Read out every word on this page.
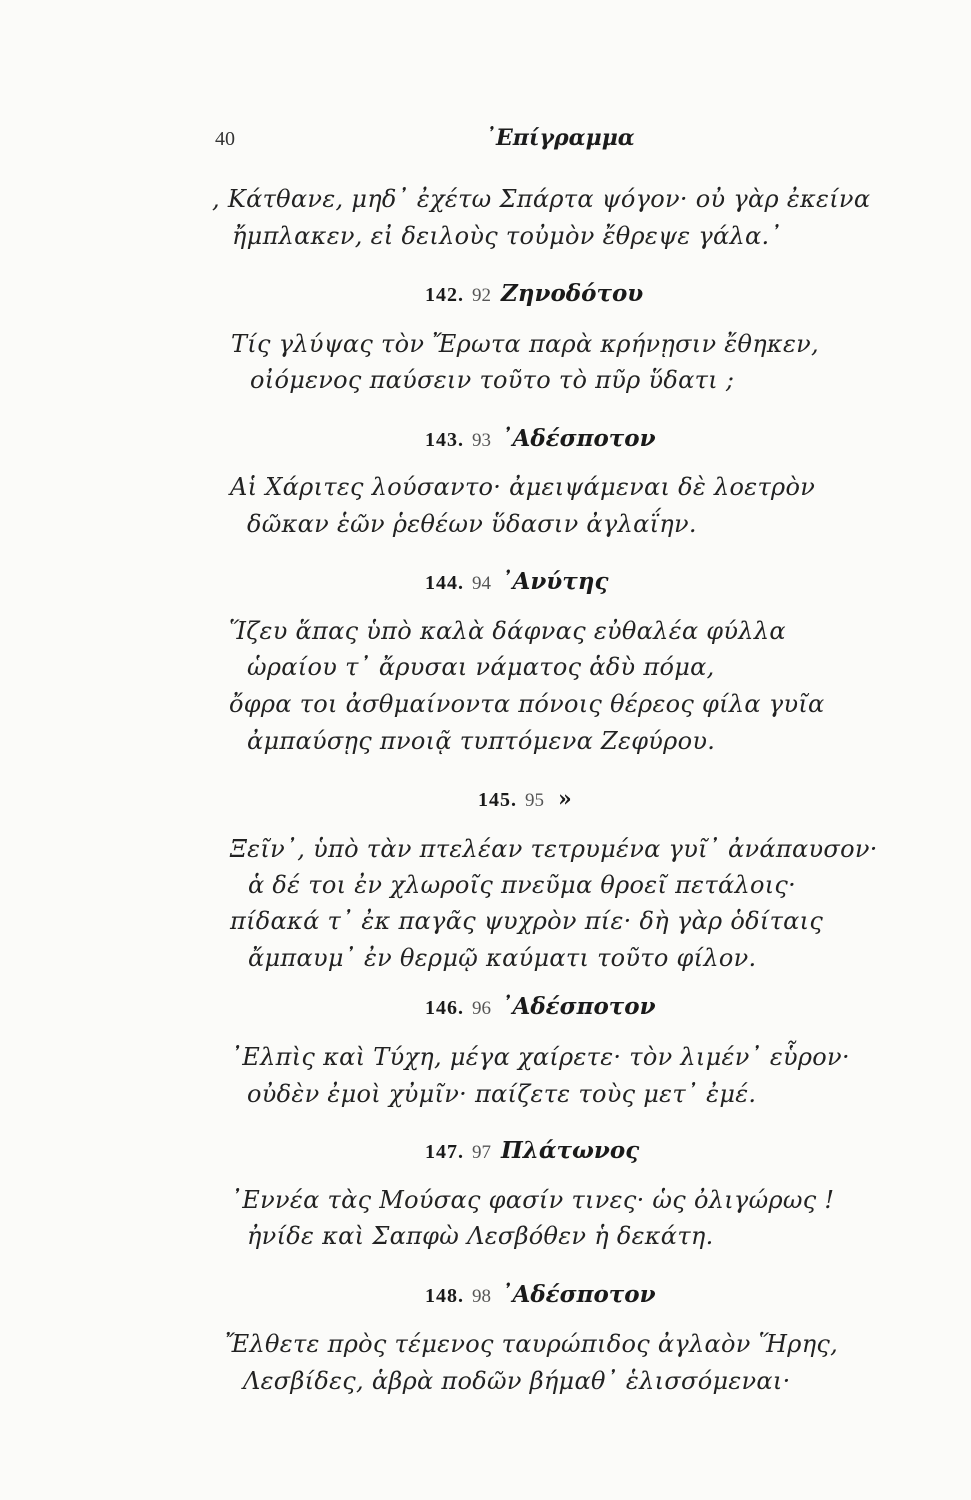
40	᾿Επίγραμμα
, Κάτθανε, μηδ᾿ ἐχέτω Σπάρτα ψόγον· οὐ γὰρ ἐκείνα
ἤμπλακεν, εἰ δειλοὺς τοὐμὸν ἔθρεψε γάλα.᾿
142. 92 Ζηνοδότου
Τίς γλύψας τὸν Ἔρωτα παρὰ κρήνῃσιν ἔθηκεν,
οἰόμενος παύσειν τοῦτο τὸ πῦρ ὕδατι ;
143. 93 ᾿Αδέσποτον
Αἱ Χάριτες λούσαντο· ἀμειψάμεναι δὲ λοετρὸν
δῶκαν ἑῶν ῥεθέων ὕδασιν ἀγλαΐην.
144. 94 ᾿Ανύτης
Ἵζευ ἅπας ὑπὸ καλὰ δάφνας εὐθαλέα φύλλα
ὡραίου τ᾿ ἄρυσαι νάματος ἁδὺ πόμα,
ὄφρα τοι ἀσθμαίνοντα πόνοις θέρεος φίλα γυῖα
ἀμπαύσῃς πνοιᾷ τυπτόμενα Ζεφύρου.
145. 95 »
Ξεῖν᾿, ὑπὸ τὰν πτελέαν τετρυμένα γυῖ᾿ ἀνάπαυσον·
ἁ δέ τοι ἐν χλωροῖς πνεῦμα θροεῖ πετάλοις·
πίδακά τ᾿ ἐκ παγᾶς ψυχρὸν πίε· δὴ γὰρ ὁδίταις
ἄμπαυμ᾿ ἐν θερμῷ καύματι τοῦτο φίλον.
146. 96 ᾿Αδέσποτον
᾿Ελπὶς καὶ Τύχη, μέγα χαίρετε· τὸν λιμέν᾿ εὗρον·
οὐδὲν ἐμοὶ χὐμῖν· παίζετε τοὺς μετ᾿ ἐμέ.
147. 97 Πλάτωνος
᾿Εννέα τὰς Μούσας φασίν τινες· ὡς ὀλιγώρως !
ἠνίδε καὶ Σαπφὼ Λεσβόθεν ἡ δεκάτη.
148. 98 ᾿Αδέσποτον
Ἔλθετε πρὸς τέμενος ταυρώπιδος ἀγλαὸν Ἥρης,
Λεσβίδες, ἁβρὰ ποδῶν βήμαθ᾿ ἑλισσόμεναι·
